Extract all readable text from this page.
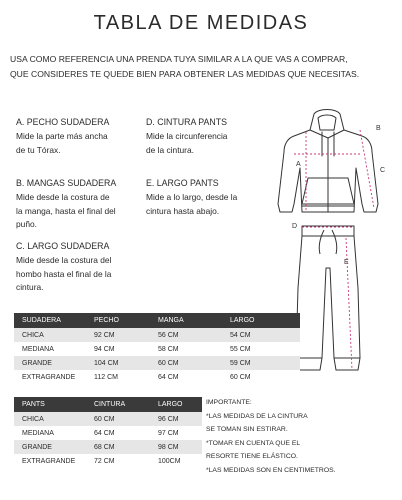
TABLA DE MEDIDAS
USA COMO REFERENCIA UNA PRENDA TUYA SIMILAR A LA QUE VAS A COMPRAR,
QUE CONSIDERES TE QUEDE BIEN PARA OBTENER LAS MEDIDAS QUE NECESITAS.
A. PECHO SUDADERA
Mide la parte más ancha
de tu Tórax.
B. MANGAS SUDADERA
Mide desde la costura de
la manga, hasta el final del
puño.
C. LARGO SUDADERA
Mide desde la costura del
hombo hasta el final de la
cintura.
D. CINTURA PANTS
Mide la circunferencia
de la cintura.
E. LARGO PANTS
Mide a lo largo, desde la
cintura hasta abajo.
A
B
C
D
E
SUDADERA	PECHO	MANGA	LARGO
CHICA	92 CM	56 CM	54 CM
MEDIANA	94 CM	58 CM	55 CM
GRANDE	104 CM	60 CM	59 CM
EXTRAGRANDE	112 CM	64 CM	60 CM
PANTS	CINTURA	LARGO
CHICA	60 CM	96 CM
MEDIANA	64 CM	97 CM
GRANDE	68 CM	98 CM
EXTRAGRANDE	72 CM	100CM
IMPORTANTE:
*LAS MEDIDAS DE LA CINTURA
SE TOMAN SIN ESTIRAR.
*TOMAR EN CUENTA QUE EL
RESORTE TIENE ELÁSTICO.
*LAS MEDIDAS SON EN CENTIMETROS.
